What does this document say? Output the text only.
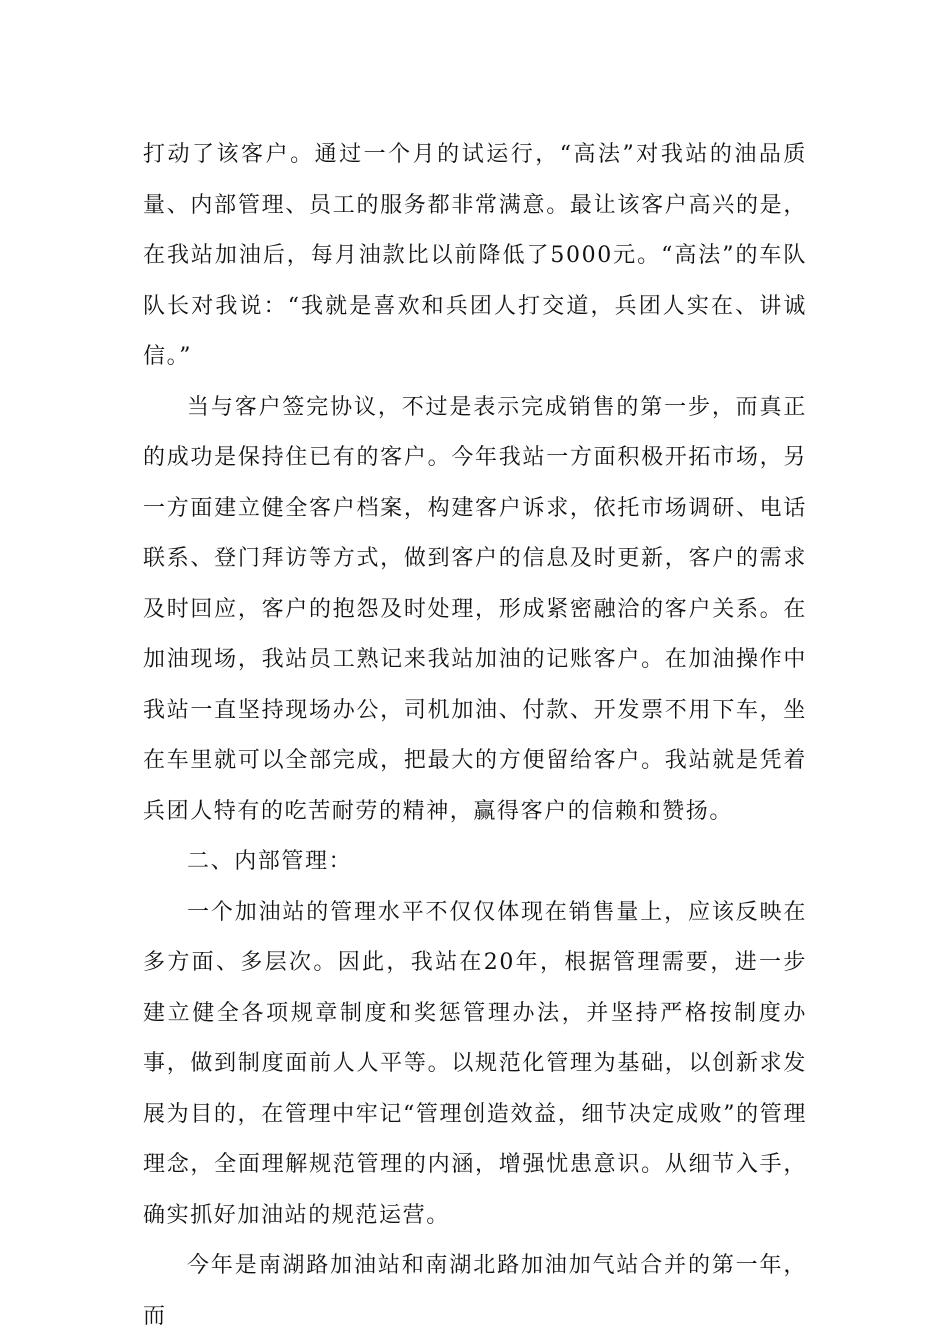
打动了该客户。通过一个月的试运行，“高法”对我站的油品质量、内部管理、员工的服务都非常满意。最让该客户高兴的是，在我站加油后，每月油款比以前降低了5000元。“高法”的车队队长对我说：“我就是喜欢和兵团人打交道，兵团人实在、讲诚信。”

当与客户签完协议，不过是表示完成销售的第一步，而真正的成功是保持住已有的客户。今年我站一方面积极开拓市场，另一方面建立健全客户档案，构建客户诉求，依托市场调研、电话联系、登门拜访等方式，做到客户的信息及时更新，客户的需求及时回应，客户的抱怨及时处理，形成紧密融洽的客户关系。在加油现场，我站员工熟记来我站加油的记账客户。在加油操作中我站一直坚持现场办公，司机加油、付款、开发票不用下车，坐在车里就可以全部完成，把最大的方便留给客户。我站就是凭着兵团人特有的吃苦耐劳的精神，赢得客户的信赖和赞扬。

二、内部管理：

一个加油站的管理水平不仅仅体现在销售量上，应该反映在多方面、多层次。因此，我站在20年，根据管理需要，进一步建立健全各项规章制度和奖惩管理办法，并坚持严格按制度办事，做到制度面前人人平等。以规范化管理为基础，以创新求发展为目的，在管理中牢记“管理创造效益，细节决定成败”的管理理念，全面理解规范管理的内涵，增强忧患意识。从细节入手，确实抓好加油站的规范运营。

今年是南湖路加油站和南湖北路加油加气站合并的第一年，而
